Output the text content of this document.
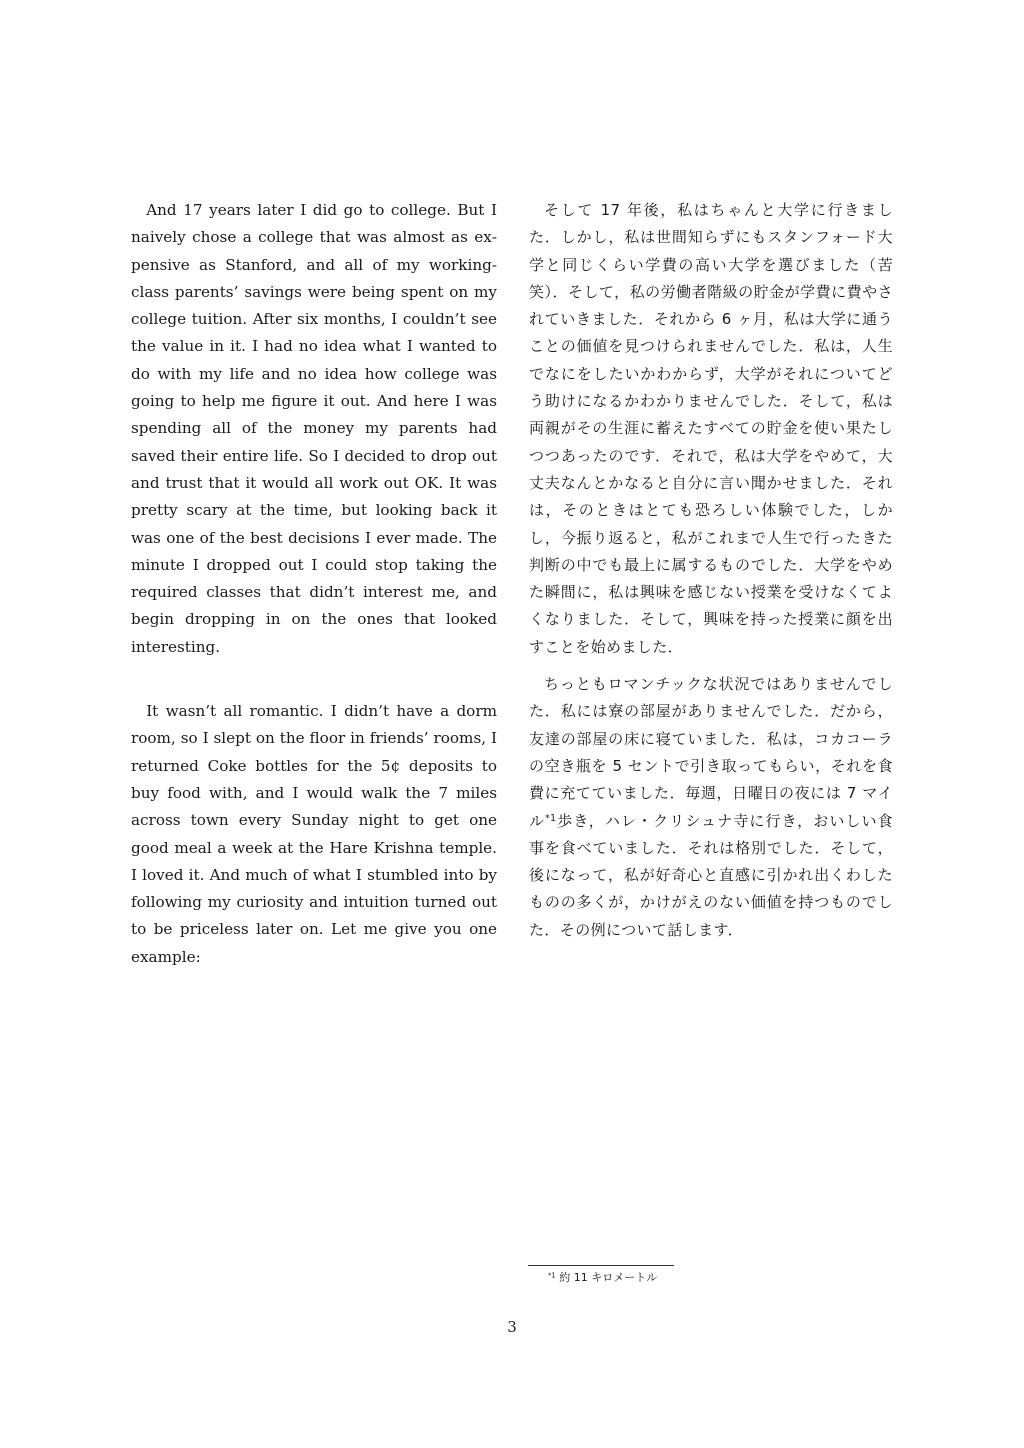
And 17 years later I did go to college. But I naively chose a college that was almost as expensive as Stanford, and all of my working-class parents’ savings were being spent on my college tuition. After six months, I couldn’t see the value in it. I had no idea what I wanted to do with my life and no idea how college was going to help me figure it out. And here I was spending all of the money my parents had saved their entire life. So I decided to drop out and trust that it would all work out OK. It was pretty scary at the time, but looking back it was one of the best decisions I ever made. The minute I dropped out I could stop taking the required classes that didn’t interest me, and begin dropping in on the ones that looked interesting.

It wasn’t all romantic. I didn’t have a dorm room, so I slept on the floor in friends’ rooms, I returned Coke bottles for the 5¢ deposits to buy food with, and I would walk the 7 miles across town every Sunday night to get one good meal a week at the Hare Krishna temple. I loved it. And much of what I stumbled into by following my curiosity and intuition turned out to be priceless later on. Let me give you one example:

そして 17 年後，私はちゃんと大学に行きました．しかし，私は世間知らずにもスタンフォード大学と同じくらい学費の高い大学を選びました（苦笑）．そして，私の労働者階級の貯金が学費に費やされていきました．それから 6 ヶ月，私は大学に通うことの価値を見つけられませんでした．私は，人生でなにをしたいかわからず，大学がそれについてどう助けになるかわかりませんでした．そして，私は両親がその生涯に蓄えたすべての貯金を使い果たしつつあったのです．それで，私は大学をやめて，大丈夫なんとかなると自分に言い聞かせました．それは，そのときはとても恐ろしい体験でした，しかし，今振り返ると，私がこれまで人生で行ったきた判断の中でも最上に属するものでした．大学をやめた瞬間に，私は興味を感じない授業を受けなくてよくなりました．そして，興味を持った授業に顔を出すことを始めました．

ちっともロマンチックな状況ではありませんでした．私には寮の部屋がありませんでした．だから，友達の部屋の床に寝ていました．私は，コカコーラの空き瓶を 5 セントで引き取ってもらい，それを食費に充てていました．毎週，日曜日の夜には 7 マイル$^{*1}$歩き，ハレ・クリシュナ寺に行き，おいしい食事を食べていました．それは格別でした．そして，後になって，私が好奇心と直感に引かれ出くわしたものの多くが，かけがえのない価値を持つものでした．その例について話します．

$^{*1}$ 約 11 キロメートル
3
